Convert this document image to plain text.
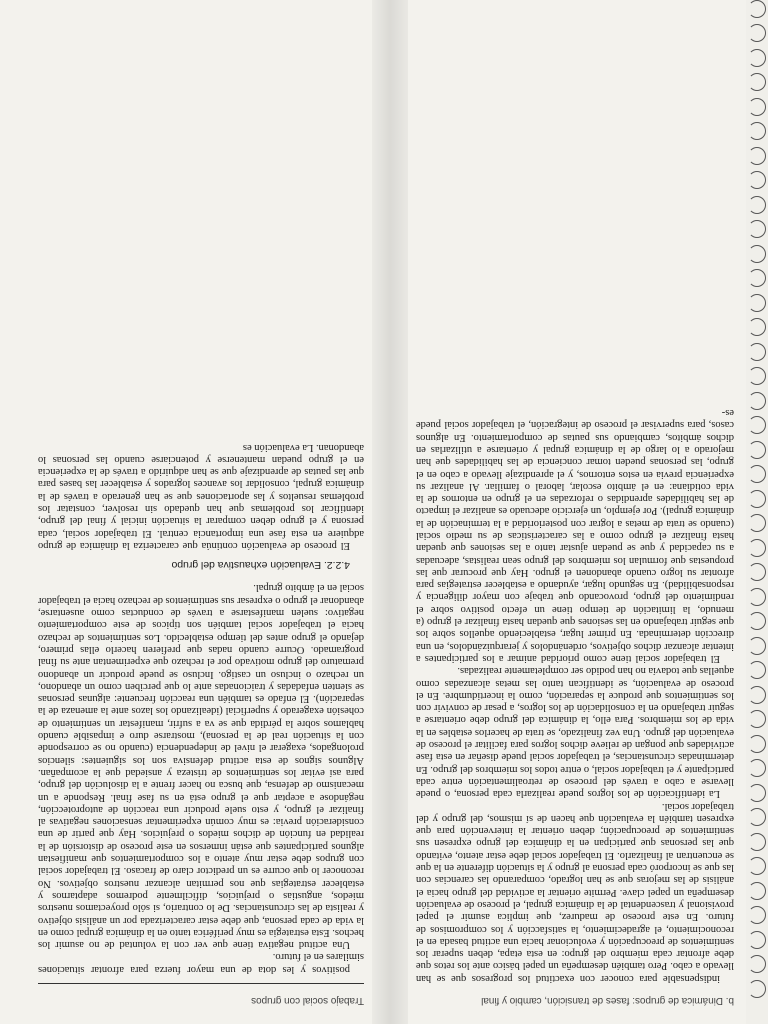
b. Dinámica de grupos: fases de transición, cambio y final

indispensable para conocer con exactitud los progresos que se han llevado a cabo. Pero también desempeña un papel básico ante los retos que debe afrontar cada miembro del grupo: en esta etapa, deben superar los sentimientos de preocupación y evolucionar hacia una actitud basada en el reconocimiento, el agradecimiento, la satisfacción y los compromisos de futuro. En este proceso de madurez, que implica asumir el papel provisional y trascendental de la dinámica grupal, el proceso de evaluación desempeña un papel clave. Permite orientar la actividad del grupo hacia el análisis de las mejoras que se han logrado, comparando las carencias con las que se incorporó cada persona al grupo y la situación diferente en la que se encuentran al finalizarlo. El trabajador social debe estar atento, evitando que las personas que participan en la dinámica del grupo expresen sus sentimientos de preocupación; deben orientar la intervención para que expresen también la evaluación que hacen de sí mismos, del grupo y del trabajador social.

La identificación de los logros puede realizarla cada persona, o puede llevarse a cabo a través del proceso de retroalimentación entre cada participante y el trabajador social, o entre todos los miembros del grupo. En determinadas circunstancias, el trabajador social puede diseñar en esta fase actividades que pongan de relieve dichos logros para facilitar el proceso de evaluación del grupo. Una vez finalizado, se trata de hacerlos estables en la vida de los miembros. Para ello, la dinámica del grupo debe orientarse a seguir trabajando en la consolidación de los logros, a pesar de convivir con los sentimientos que produce la separación, como la incertidumbre. En el proceso de evaluación, se identifican tanto las metas alcanzadas como aquellas que todavía no han podido ser completamente realizadas.

El trabajador social tiene como prioridad animar a los participantes a intentar alcanzar dichos objetivos, ordenándolos y jerarquizándolos, en una dirección determinada. En primer lugar, estableciendo aquellos sobre los que seguir trabajando en las sesiones que quedan hasta finalizar el grupo (a menudo, la limitación de tiempo tiene un efecto positivo sobre el rendimiento del grupo, provocando que trabaje con mayor diligencia y responsabilidad). En segundo lugar, ayudando a establecer estrategias para afrontar su logro cuando abandonen el grupo. Hay que procurar que las propuestas que formulan los miembros del grupo sean realistas, adecuadas a su capacidad y que se puedan ajustar tanto a las sesiones que quedan hasta finalizar el grupo como a las características de su medio social (cuando se trata de metas a lograr con posterioridad a la terminación de la dinámica grupal). Por ejemplo, un ejercicio adecuado es analizar el impacto de las habilidades aprendidas o reforzadas en el grupo en entornos de la vida cotidiana: en el ámbito escolar, laboral o familiar. Al analizar su experiencia previa en estos entornos, y el aprendizaje llevado a cabo en el grupo, las personas pueden tomar conciencia de las habilidades que han mejorado a lo largo de la dinámica grupal y orientarse a utilizarlas en dichos ámbitos, cambiando sus pautas de comportamiento. En algunos casos, para supervisar el proceso de integración, el trabajador social puede es-

Trabajo social con grupos

positivos y les dota de una mayor fuerza para afrontar situaciones similares en el futuro.

Una actitud negativa tiene que ver con la voluntad de no asumir los hechos. Esta estrategia es muy periférica tanto en la dinámica grupal como en la vida de cada persona, que debe estar caracterizada por un análisis objetivo y realista de las circunstancias. De lo contrario, si sólo proyectamos nuestros miedos, angustias o prejuicios, difícilmente podremos adaptarnos y establecer estrategias que nos permitan alcanzar nuestros objetivos. No reconocer lo que ocurre es un predictor claro de fracaso. El trabajador social con grupos debe estar muy atento a los comportamientos que manifiestan algunos participantes que están inmersos en este proceso de distorsión de la realidad en función de dichos miedos o prejuicios. Hay que partir de una consideración previa: es muy común experimentar sensaciones negativas al finalizar el grupo, y esto suele producir una reacción de autoprotección, negándose a aceptar que el grupo está en su fase final. Responde a un mecanismo de defensa, que busca no hacer frente a la disolución del grupo, para así evitar los sentimientos de tristeza y ansiedad que la acompañan. Algunos signos de esta actitud defensiva son los siguientes: silencios prolongados, exagerar el nivel de independencia (cuando no se corresponde con la situación real de la persona), mostrarse duro e impasible cuando hablamos sobre la pérdida que se va a sufrir, manifestar un sentimiento de cohesión exagerado y superficial (idealizando los lazos ante la amenaza de la separación). El enfado es también una reacción frecuente: algunas personas se sienten enfadadas y traicionadas ante lo que perciben como un abandono, un rechazo o incluso un castigo. Incluso se puede producir un abandono prematuro del grupo motivado por el rechazo que experimentan ante su final programado. Ocurre cuando nadas que prefieren hacerlo ellas primero, dejando el grupo antes del tiempo establecido. Los sentimientos de rechazo hacia el trabajador social también son típicos de este comportamiento negativo: suelen manifestarse a través de conductas como ausentarse, abandonar el grupo o expresar sus sentimientos de rechazo hacia el trabajador social en el ámbito grupal.

4.2.2. Evaluación exhaustiva del grupo

El proceso de evaluación continúa que caracteriza la dinámica de grupo adquiere en esta fase una importancia central. El trabajador social, cada persona y el grupo deben comparar la situación inicial y final del grupo, identificar los problemas que han quedado sin resolver, constatar los problemas resueltos y las aportaciones que se han generado a través de la dinámica grupal, consolidar los avances logrados y establecer las bases para que las pautas de aprendizaje que se han adquirido a través de la experiencia en el grupo puedan mantenerse y potenciarse cuando las personas lo abandonan. La evaluación es
